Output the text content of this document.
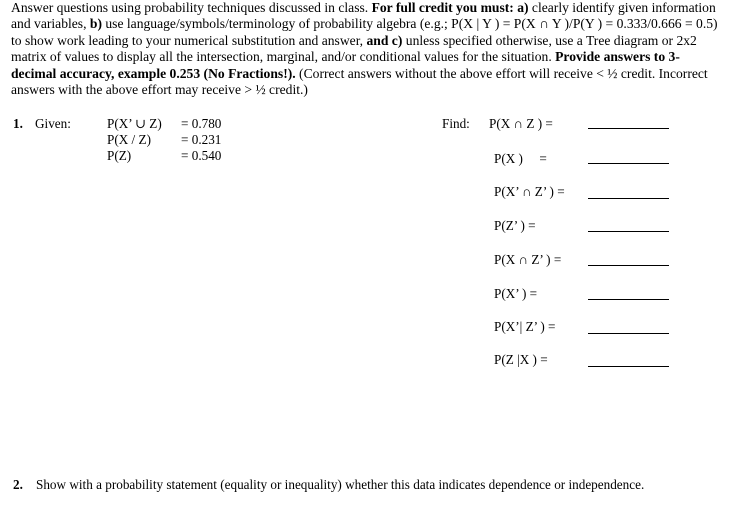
Answer questions using probability techniques discussed in class. For full credit you must: a) clearly identify given information and variables, b) use language/symbols/terminology of probability algebra (e.g.; P(X | Y ) = P(X ∩ Y )/P(Y ) = 0.333/0.666 = 0.5) to show work leading to your numerical substitution and answer, and c) unless specified otherwise, use a Tree diagram or 2x2 matrix of values to display all the intersection, marginal, and/or conditional values for the situation. Provide answers to 3-decimal accuracy, example 0.253 (No Fractions!). (Correct answers without the above effort will receive < ½ credit. Incorrect answers with the above effort may receive > ½ credit.)
1. Given:	P(X’ ∪ Z) = 0.780
P(X / Z) = 0.231
P(Z)	= 0.540
Find: P(X ∩ Z ) =
P(X )     =
P(X’ ∩ Z’ ) =
P(Z’ ) =
P(X ∩ Z’ ) =
P(X’ ) =
P(X’| Z’ ) =
P(Z |X ) =
2. Show with a probability statement (equality or inequality) whether this data indicates dependence or independence.
